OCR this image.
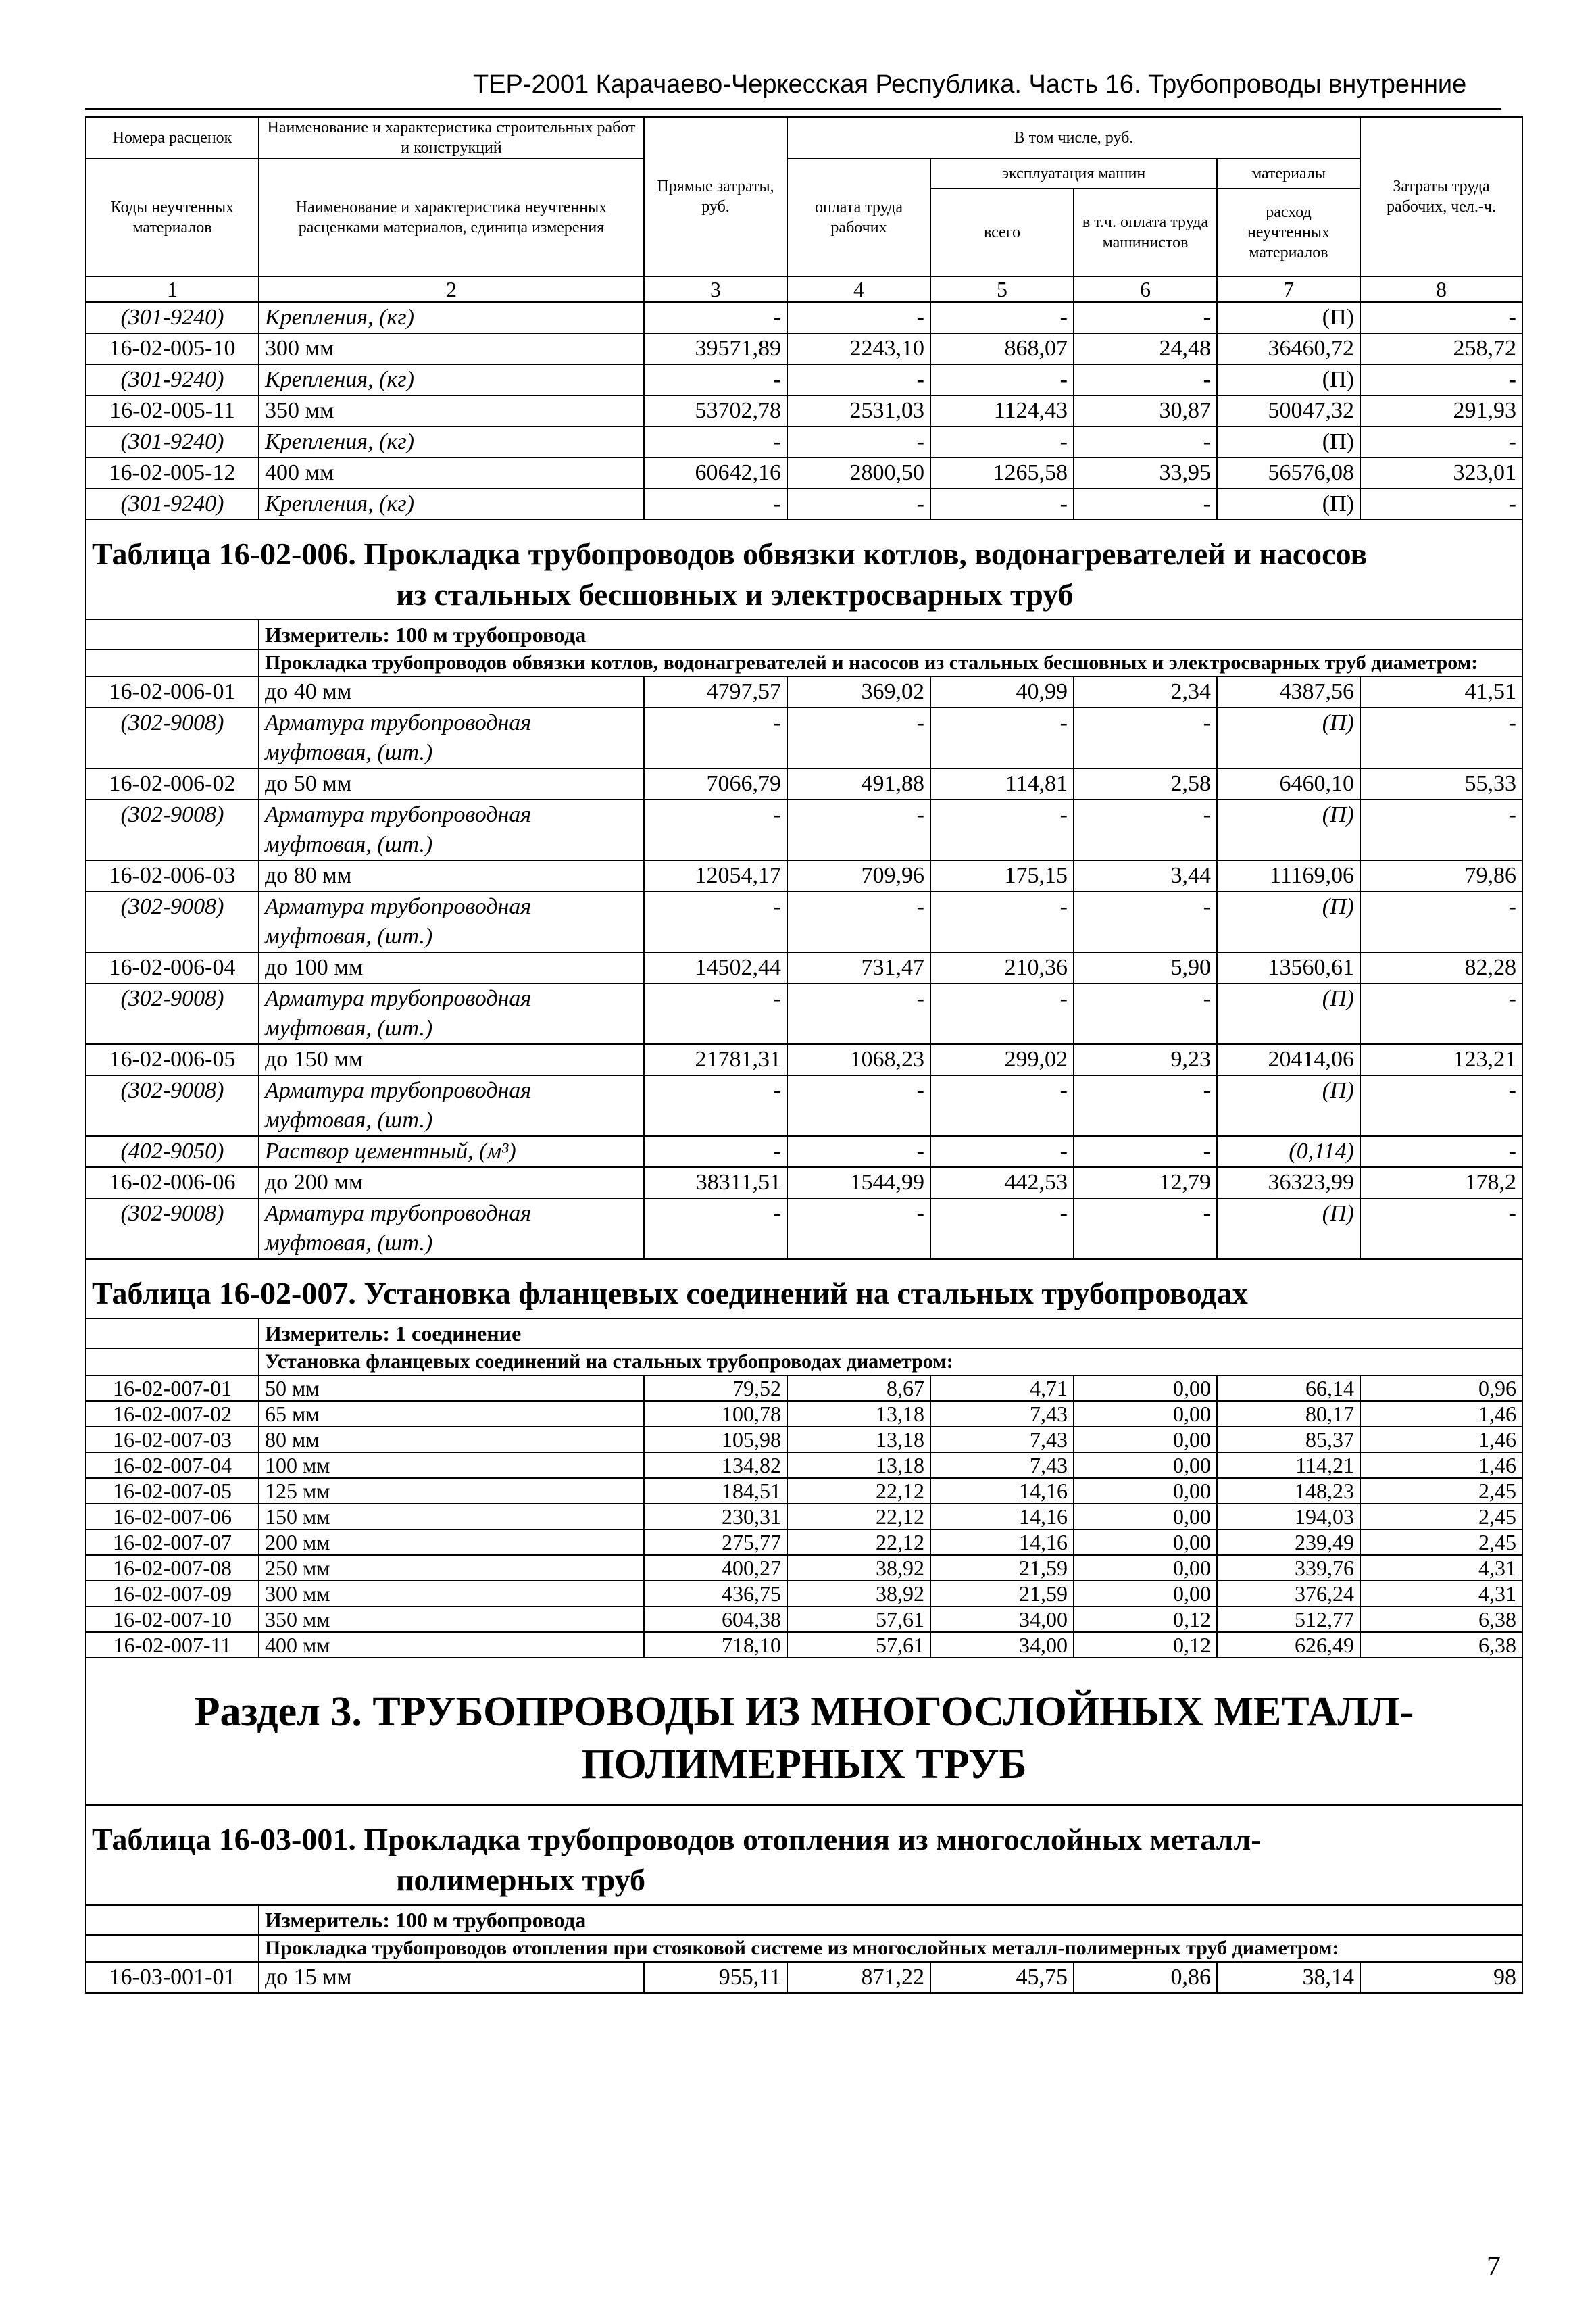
ТЕР-2001 Карачаево-Черкесская Республика. Часть 16. Трубопроводы внутренние
Номера расценок	Наименование и характеристика строительных работ и конструкций	Прямые затраты, руб.	В том числе, руб.				Затраты труда рабочих, чел.-ч.
Коды неучтенных материалов	Наименование и характеристика неучтенных расценками материалов, единица измерения		оплата труда рабочих	эксплуатация машин		материалы	
				всего	в т.ч. оплата труда машинистов	расход неучтенных материалов	
1	2	3	4	5	6	7	8
(301-9240)	Крепления, (кг)	-	-	-	-	(П)	-
16-02-005-10	300 мм	39571,89	2243,10	868,07	24,48	36460,72	258,72
(301-9240)	Крепления, (кг)	-	-	-	-	(П)	-
16-02-005-11	350 мм	53702,78	2531,03	1124,43	30,87	50047,32	291,93
(301-9240)	Крепления, (кг)	-	-	-	-	(П)	-
16-02-005-12	400 мм	60642,16	2800,50	1265,58	33,95	56576,08	323,01
(301-9240)	Крепления, (кг)	-	-	-	-	(П)	-
Таблица 16-02-006. Прокладка трубопроводов обвязки котлов, водонагревателей и насосов
из стальных бесшовных и электросварных труб							

	Измеритель: 100 м трубопровода						
	Прокладка трубопроводов обвязки котлов, водонагревателей и насосов из стальных бесшовных и электросварных труб диаметром:						
16-02-006-01	до 40 мм	4797,57	369,02	40,99	2,34	4387,56	41,51
(302-9008)	Арматура трубопроводная муфтовая, (шт.)	-	-	-	-	(П)	-
16-02-006-02	до 50 мм	7066,79	491,88	114,81	2,58	6460,10	55,33
(302-9008)	Арматура трубопроводная муфтовая, (шт.)	-	-	-	-	(П)	-
16-02-006-03	до 80 мм	12054,17	709,96	175,15	3,44	11169,06	79,86
(302-9008)	Арматура трубопроводная муфтовая, (шт.)	-	-	-	-	(П)	-
16-02-006-04	до 100 мм	14502,44	731,47	210,36	5,90	13560,61	82,28
(302-9008)	Арматура трубопроводная муфтовая, (шт.)	-	-	-	-	(П)	-
16-02-006-05	до 150 мм	21781,31	1068,23	299,02	9,23	20414,06	123,21
(302-9008)	Арматура трубопроводная муфтовая, (шт.)	-	-	-	-	(П)	-
(402-9050)	Раствор цементный, (м³)	-	-	-	-	(0,114)	-
16-02-006-06	до 200 мм	38311,51	1544,99	442,53	12,79	36323,99	178,2
(302-9008)	Арматура трубопроводная муфтовая, (шт.)	-	-	-	-	(П)	-
Таблица 16-02-007. Установка фланцевых соединений на стальных трубопроводах							
	Измеритель: 1 соединение						
	Установка фланцевых соединений на стальных трубопроводах диаметром:						
16-02-007-01	50 мм	79,52	8,67	4,71	0,00	66,14	0,96
16-02-007-02	65 мм	100,78	13,18	7,43	0,00	80,17	1,46
16-02-007-03	80 мм	105,98	13,18	7,43	0,00	85,37	1,46
16-02-007-04	100 мм	134,82	13,18	7,43	0,00	114,21	1,46
16-02-007-05	125 мм	184,51	22,12	14,16	0,00	148,23	2,45
16-02-007-06	150 мм	230,31	22,12	14,16	0,00	194,03	2,45
16-02-007-07	200 мм	275,77	22,12	14,16	0,00	239,49	2,45
16-02-007-08	250 мм	400,27	38,92	21,59	0,00	339,76	4,31
16-02-007-09	300 мм	436,75	38,92	21,59	0,00	376,24	4,31
16-02-007-10	350 мм	604,38	57,61	34,00	0,12	512,77	6,38
16-02-007-11	400 мм	718,10	57,61	34,00	0,12	626,49	6,38

Раздел 3. ТРУБОПРОВОДЫ ИЗ МНОГОСЛОЙНЫХ МЕТАЛЛ-
ПОЛИМЕРНЫХ ТРУБ							

Таблица 16-03-001. Прокладка трубопроводов отопления из многослойных металл-
полимерных труб							

	Измеритель: 100 м трубопровода						
	Прокладка трубопроводов отопления при стояковой системе из многослойных металл-полимерных труб диаметром:						
16-03-001-01	до 15 мм	955,11	871,22	45,75	0,86	38,14	98
7
